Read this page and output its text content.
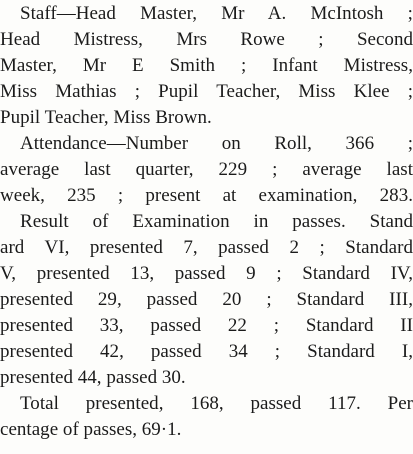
Staff—Head Master, Mr A. McIntosh ;
Head Mistress, Mrs Rowe ; Second
Master, Mr E Smith ; Infant Mistress,
Miss Mathias ; Pupil Teacher, Miss Klee ;
Pupil Teacher, Miss Brown.
Attendance—Number on Roll, 366 ;
average last quarter, 229 ; average last
week, 235 ; present at examination, 283.
Result of Examination in passes. Stand
ard VI, presented 7, passed 2 ; Standard
V, presented 13, passed 9 ; Standard IV,
presented 29, passed 20 ; Standard III,
presented 33, passed 22 ; Standard II
presented 42, passed 34 ; Standard I,
presented 44, passed 30.
Total presented, 168, passed 117. Per
centage of passes, 69·1.
